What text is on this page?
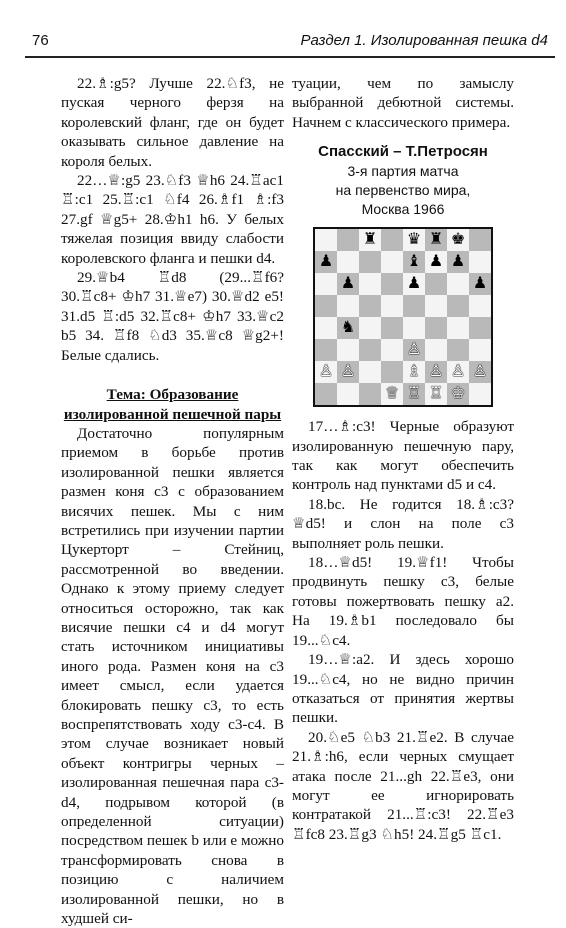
76	Раздел 1. Изолированная пешка d4

22.♗:g5? Лучше 22.♘f3, не пуская черного ферзя на королевский фланг, где он будет оказывать сильное давление на короля белых.

22…♕:g5 23.♘f3 ♕h6 24.♖ac1 ♖:c1 25.♖:c1 ♘f4 26.♗f1 ♗:f3 27.gf ♕g5+ 28.♔h1 h6. У белых тяжелая позиция ввиду слабости королевского фланга и пешки d4.

29.♕b4 ♖d8 (29...♖f6? 30.♖c8+ ♔h7 31.♕e7) 30.♕d2 e5! 31.d5 ♖:d5 32.♖c8+ ♔h7 33.♕c2 b5 34. ♖f8 ♘d3 35.♕c8 ♕g2+! Белые сдались.

Тема: Образование изолированной пешечной пары

Достаточно популярным приемом в борьбе против изолированной пешки является размен коня с3 с образованием висячих пешек. Мы с ним встретились при изучении партии Цукерторт – Стейниц, рассмотренной во введении. Однако к этому приему следует относиться осторожно, так как висячие пешки с4 и d4 могут стать источником инициативы иного рода. Размен коня на с3 имеет смысл, если удается блокировать пешку с3, то есть воспрепятствовать ходу с3-с4. В этом случае возникает новый объект контригры черных – изолированная пешечная пара с3-d4, подрывом которой (в определенной ситуации) посредством пешек b или e можно трансформировать снова в позицию с наличием изолированной пешки, но в худшей си-

туации, чем по замыслу выбранной дебютной системы. Начнем с классического примера.

Спасский – Т.Петросян
3-я партия матча
на первенство мира,
Москва 1966
♜ ♛ ♜ ♚
♟	♝ ♟ ♟
♟	♟	♟
♞
♙
♙ ♙	♗ ♙ ♙ ♙
♕ ♖ ♖ ♔

17…♗:c3! Черные образуют изолированную пешечную пару, так как могут обеспечить контроль над пунктами d5 и c4.

18.bc. Не годится 18.♗:c3? ♕d5! и слон на поле c3 выполняет роль пешки.

18…♕d5! 19.♕f1! Чтобы продвинуть пешку c3, белые готовы пожертвовать пешку a2. На 19.♗b1 последовало бы 19...♘c4.

19…♕:a2. И здесь хорошо 19...♘c4, но не видно причин отказаться от принятия жертвы пешки.

20.♘e5 ♘b3 21.♖e2. В случае 21.♗:h6, если черных смущает атака после 21...gh 22.♖e3, они могут ее игнорировать контратакой 21...♖:c3! 22.♖e3 ♖fc8 23.♖g3 ♘h5! 24.♖g5 ♖c1.
